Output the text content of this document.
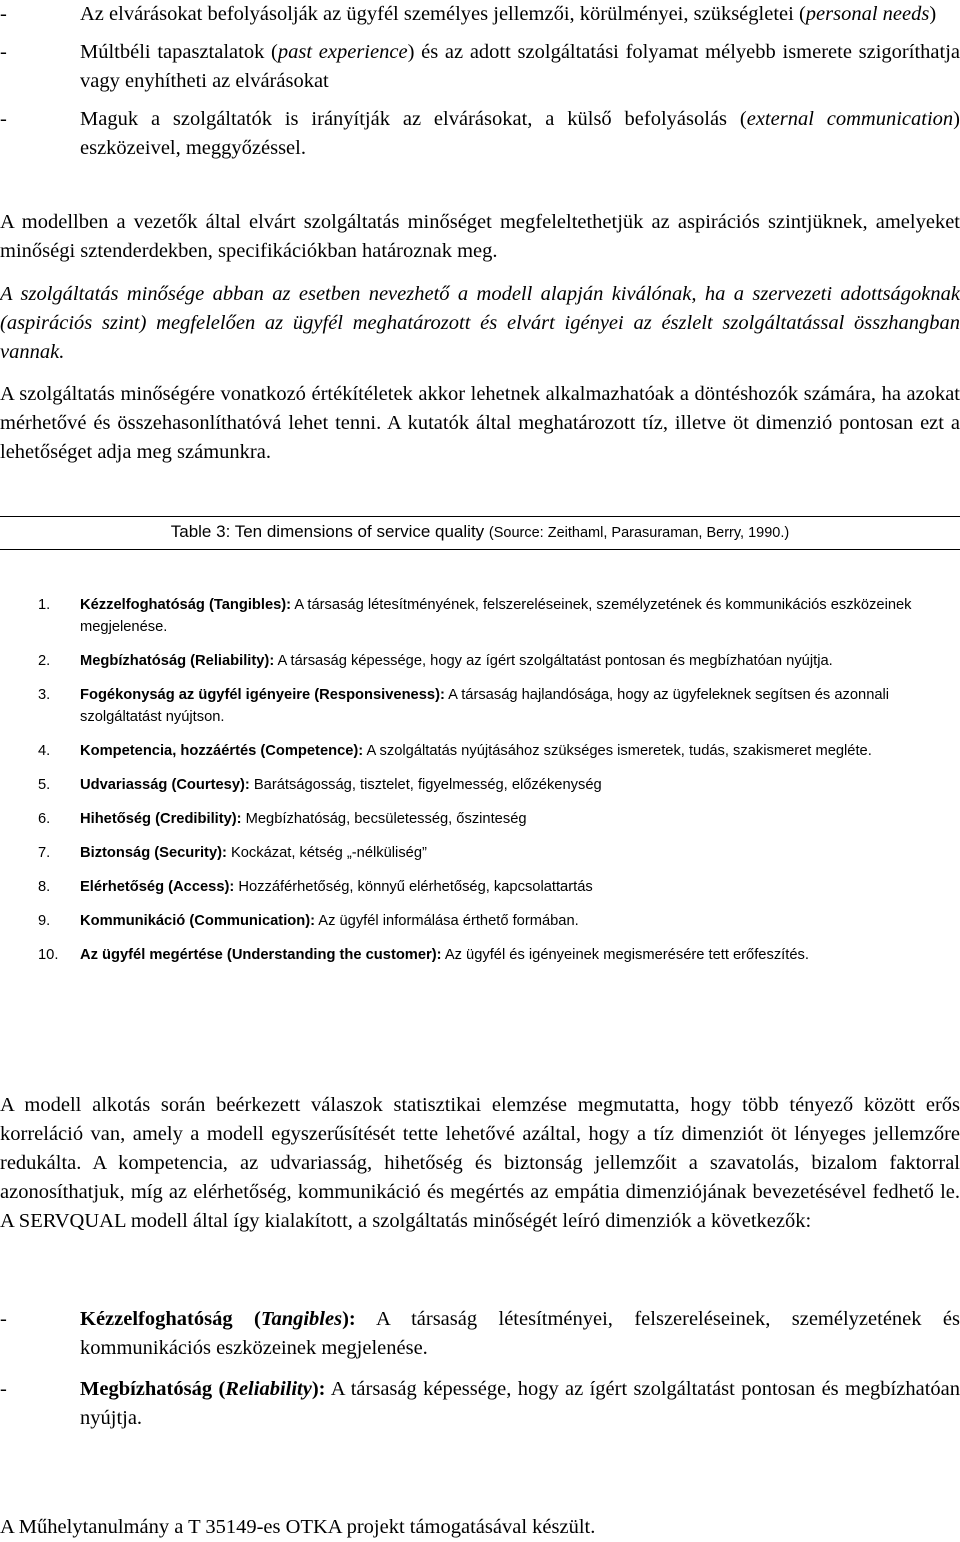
-	Az elvárásokat befolyásolják az ügyfél személyes jellemzői, körülményei, szükségletei (personal needs)
-	Múltbéli tapasztalatok (past experience) és az adott szolgáltatási folyamat mélyebb ismerete szigoríthatja vagy enyhítheti az elvárásokat
-	Maguk a szolgáltatók is irányítják az elvárásokat, a külső befolyásolás (external communication) eszközeivel, meggyőzéssel.
A modellben a vezetők által elvárt szolgáltatás minőséget megfeleltethetjük az aspirációs szintjüknek, amelyeket minőségi sztenderdekben, specifikációkban határoznak meg.
A szolgáltatás minősége abban az esetben nevezhető a modell alapján kiválónak, ha a szervezeti adottságoknak (aspirációs szint) megfelelően az ügyfél meghatározott és elvárt igényei az észlelt szolgáltatással összhangban vannak.
A szolgáltatás minőségére vonatkozó értékítéletek akkor lehetnek alkalmazhatóak a döntéshozók számára, ha azokat mérhetővé és összehasonlíthatóvá lehet tenni. A kutatók által meghatározott tíz, illetve öt dimenzió pontosan ezt a lehetőséget adja meg számunkra.
Table 3: Ten dimensions of service quality (Source: Zeithaml, Parasuraman, Berry, 1990.)
1.	Kézzelfoghatóság (Tangibles): A társaság létesítményének, felszereléseinek, személyzetének és kommunikációs eszközeinek megjelenése.
2.	Megbízhatóság (Reliability): A társaság képessége, hogy az ígért szolgáltatást pontosan és megbízhatóan nyújtja.
3.	Fogékonyság az ügyfél igényeire (Responsiveness): A társaság hajlandósága, hogy az ügyfeleknek segítsen és azonnali szolgáltatást nyújtson.
4.	Kompetencia, hozzáértés (Competence): A szolgáltatás nyújtásához szükséges ismeretek, tudás, szakismeret megléte.
5.	Udvariasság (Courtesy): Barátságosság, tisztelet, figyelmesség, előzékenység
6.	Hihetőség (Credibility): Megbízhatóság, becsületesség, őszinteség
7.	Biztonság (Security): Kockázat, kétség „-nélküliség”
8.	Elérhetőség (Access): Hozzáférhetőség, könnyű elérhetőség, kapcsolattartás
9.	Kommunikáció (Communication): Az ügyfél informálása érthető formában.
10.	Az ügyfél megértése (Understanding the customer): Az ügyfél és igényeinek megismerésére tett erőfeszítés.
A modell alkotás során beérkezett válaszok statisztikai elemzése megmutatta, hogy több tényező között erős korreláció van, amely a modell egyszerűsítését tette lehetővé azáltal, hogy a tíz dimenziót öt lényeges jellemzőre redukálta. A kompetencia, az udvariasság, hihetőség és biztonság jellemzőit a szavatolás, bizalom faktorral azonosíthatjuk, míg az elérhetőség, kommunikáció és megértés az empátia dimenziójának bevezetésével fedhető le. A SERVQUAL modell által így kialakított, a szolgáltatás minőségét leíró dimenziók a következők:
-	Kézzelfoghatóság (Tangibles): A társaság létesítményei, felszereléseinek, személyzetének és kommunikációs eszközeinek megjelenése.
-	Megbízhatóság (Reliability): A társaság képessége, hogy az ígért szolgáltatást pontosan és megbízhatóan nyújtja.
A Műhelytanulmány a T 35149-es OTKA projekt támogatásával készült.
